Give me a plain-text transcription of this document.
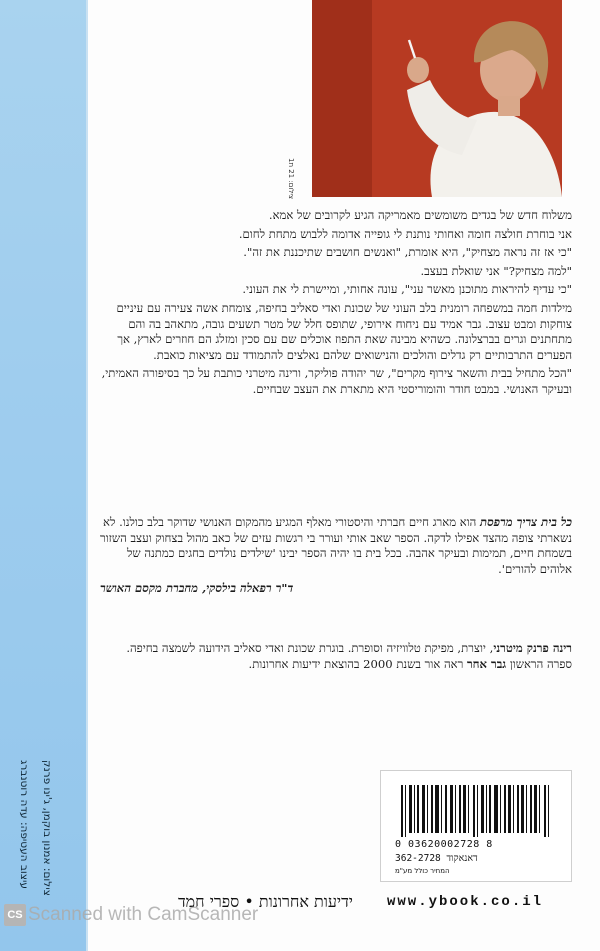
עיצוב העטיפה: עדה רוטנברג צילום: אמנון בוקמן, ג'ינו פרנק
צילום: 21 ת1

משלוח חדש של בגדים משומשים מאמריקה הגיע לקרובים של אמא.

אני בוחרת חולצה חומה ואחותי נותנת לי גופייה אדומה ללבוש מתחת לחום.

"כי אז זה נראה מצחיק", היא אומרת, "ואנשים חושבים שתיכננת את זה".

"למה מצחיק?" אני שואלת בעצב.

"כי עדיף להיראות מתוכנן מאשר עני", עונה אחותי, ומיישרת לי את העוני.

מילדות חמה במשפחה רומנית בלב העוני של שכונת ואדי סאליב בחיפה, צומחת אשה צעירה עם עיניים צוחקות ומבט עצוב. גבר אמיד עם ניחוח אירופי, שתופס חלל של מטר תשעים גובה, מתאהב בה והם מתחתנים וגרים בברצלונה. כשהיא מבינה שאת התפוז אוכלים שם עם סכין ומזלג הם חוזרים לארץ, אך הפערים התרבותיים רק גדלים והולכים והנישואים שלהם נאלצים להתמודד עם מציאות כואבת.

"הכל מתחיל בבית והשאר צירוף מקרים", שר יהודה פוליקר, ורינה מיטרני כותבת על כך בסיפורה האמיתי, ובעיקר האנושי. במבט חודר והומוריסטי היא מתארת את העצב שבחיים.

כל בית צריך מרפסת הוא מארג חיים חברתי והיסטורי מאלף המגיע מהמקום האנושי שדוקר בלב כולנו. לא נשארתי צופה מהצד אפילו לדקה. הספר שאב אותי ועורר בי רגשות עזים של כאב מהול בצחוק ועצב השזור בשמחת חיים, תמימות ובעיקר אהבה. בכל בית בו יהיה הספר יבינו 'שילדים נולדים בחגים כמתנה של אלוהים להורים'.

ד"ר רפאלה בילסקי, מחברת מקסם האושר

רינה פרנק מיטרני, יוצרת, מפיקת טלוויזיה וסופרת. בוגרת שכונת ואדי סאליב הידועה לשמצה בחיפה. ספרה הראשון גבר אחר ראה אור בשנת 2000 בהוצאת ידיעות אחרונות.

0 03620002728 8
דאנאקוד 362-2728
המחיר כולל מע"מ
www.ybook.co.il
ידיעות אחרונות • ספרי חמד
CS Scanned with CamScanner
